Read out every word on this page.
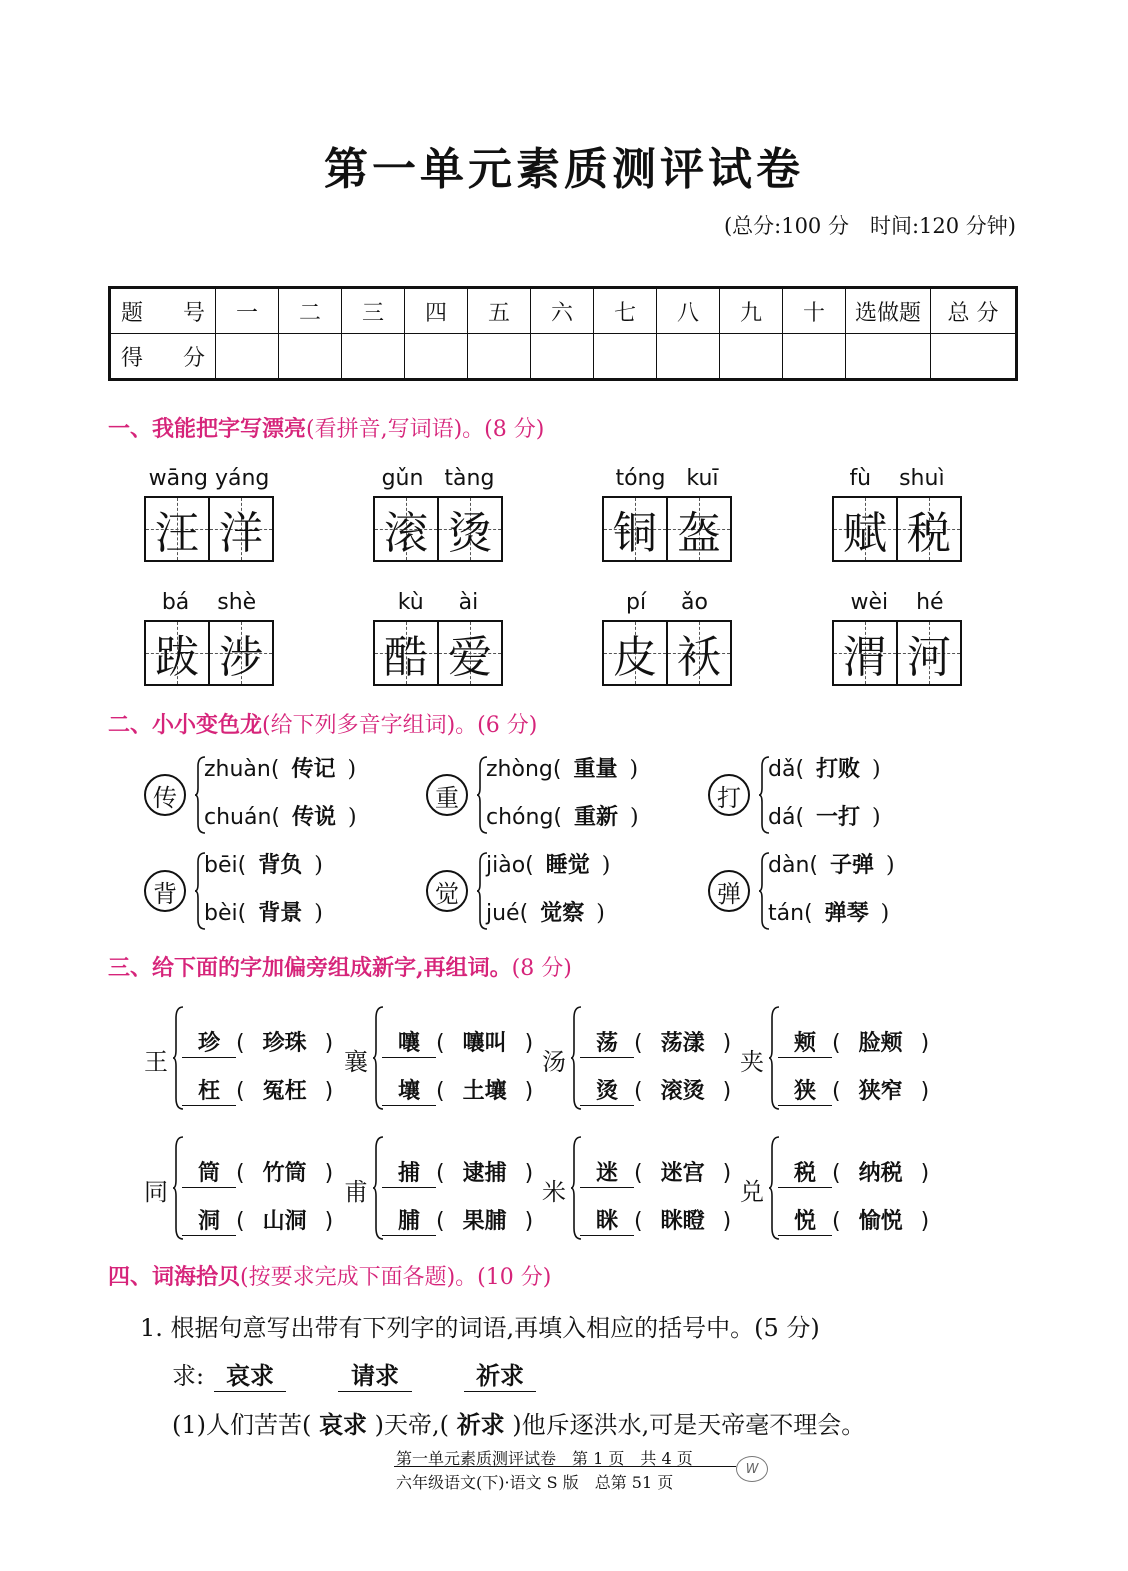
第一单元素质测评试卷
(总分:100 分　时间:120 分钟)
题号	一	二	三	四	五	六	七	八	九	十	选做题	总 分
得分												
一、我能把字写漂亮(看拼音,写词语)。(8 分)
wāng yáng
汪 洋
gǔn   tàng
滚 烫
tóng   kuī
铜 盔
fù    shuì
赋 税
bá    shè
跋 涉
kù     ài
酷 爱
pí     ǎo
皮 袄
wèi    hé
渭 河
二、小小变色龙(给下列多音字组词)。(6 分)
传
zhuàn( 传记 )
chuán( 传说 )
重
zhòng( 重量 )
chóng( 重新 )
打
dǎ( 打败 )
dá( 一打 )
背
bēi( 背负 )
bèi( 背景 )
觉
jiào( 睡觉 )
jué( 觉察 )
弹
dàn( 子弹 )
tán( 弹琴 )
三、给下面的字加偏旁组成新字,再组词。(8 分)
王
珍 ( 珍珠 )
枉 ( 冤枉 )
襄
嚷 ( 嚷叫 )
壤 ( 土壤 )
汤
荡 ( 荡漾 )
烫 ( 滚烫 )
夹
颊 ( 脸颊 )
狭 ( 狭窄 )
同
筒 ( 竹筒 )
洞 ( 山洞 )
甫
捕 ( 逮捕 )
脯 ( 果脯 )
米
迷 ( 迷宫 )
眯 ( 眯瞪 )
兑
税 ( 纳税 )
悦 ( 愉悦 )
四、词海拾贝(按要求完成下面各题)。(10 分)
1. 根据句意写出带有下列字的词语,再填入相应的括号中。(5 分)
求: 哀求	请求	祈求
(1)人们苦苦( 哀求 )天帝,( 祈求 )他斥逐洪水,可是天帝毫不理会。
第一单元素质测评试卷　第 1 页　共 4 页
六年级语文(下)·语文 S 版　总第 51 页
W
